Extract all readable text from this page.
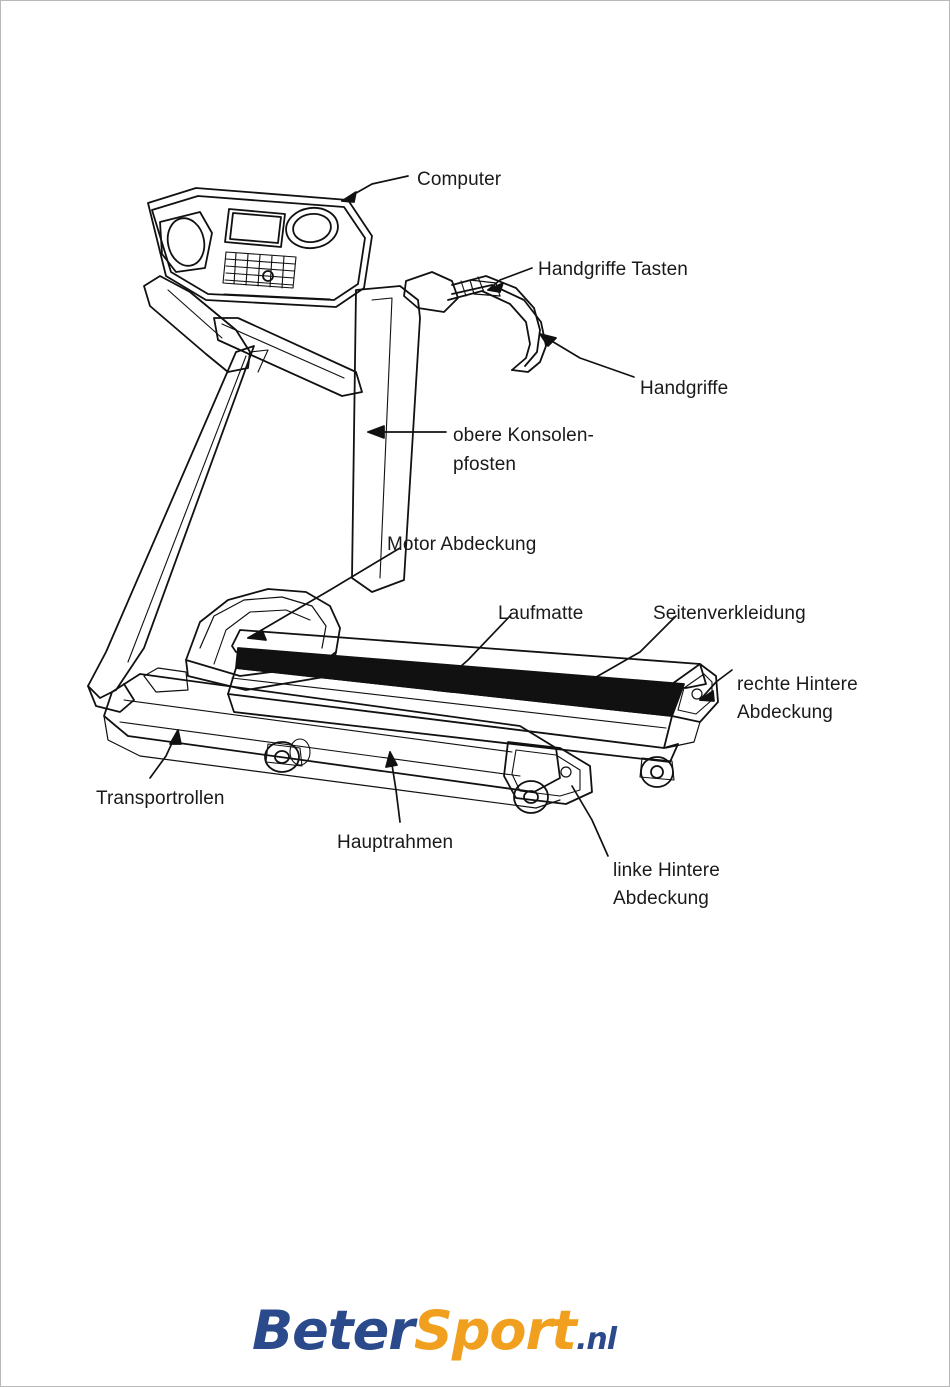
Computer
Handgriffe Tasten
Handgriffe
obere Konsolen-
pfosten
Motor Abdeckung
Laufmatte	Seitenverkleidung
rechte Hintere
Abdeckung
Transportrollen
Hauptrahmen
linke Hintere
Abdeckung
BeterSport.nl
